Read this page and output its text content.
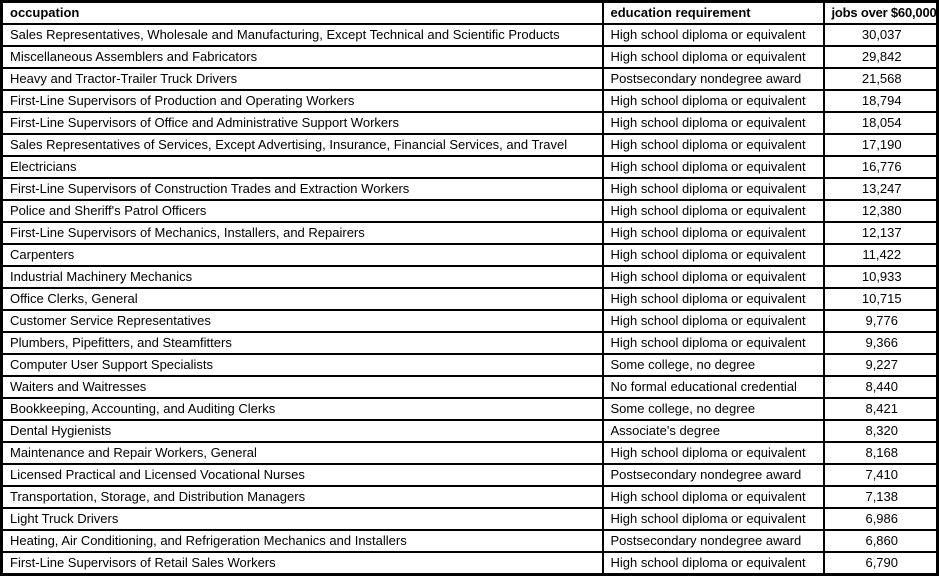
occupation	education requirement	jobs over $60,000
Sales Representatives, Wholesale and Manufacturing, Except Technical and Scientific Products	High school diploma or equivalent	30,037
Miscellaneous Assemblers and Fabricators	High school diploma or equivalent	29,842
Heavy and Tractor-Trailer Truck Drivers	Postsecondary nondegree award	21,568
First-Line Supervisors of Production and Operating Workers	High school diploma or equivalent	18,794
First-Line Supervisors of Office and Administrative Support Workers	High school diploma or equivalent	18,054
Sales Representatives of Services, Except Advertising, Insurance, Financial Services, and Travel	High school diploma or equivalent	17,190
Electricians	High school diploma or equivalent	16,776
First-Line Supervisors of Construction Trades and Extraction Workers	High school diploma or equivalent	13,247
Police and Sheriff's Patrol Officers	High school diploma or equivalent	12,380
First-Line Supervisors of Mechanics, Installers, and Repairers	High school diploma or equivalent	12,137
Carpenters	High school diploma or equivalent	11,422
Industrial Machinery Mechanics	High school diploma or equivalent	10,933
Office Clerks, General	High school diploma or equivalent	10,715
Customer Service Representatives	High school diploma or equivalent	9,776
Plumbers, Pipefitters, and Steamfitters	High school diploma or equivalent	9,366
Computer User Support Specialists	Some college, no degree	9,227
Waiters and Waitresses	No formal educational credential	8,440
Bookkeeping, Accounting, and Auditing Clerks	Some college, no degree	8,421
Dental Hygienists	Associate's degree	8,320
Maintenance and Repair Workers, General	High school diploma or equivalent	8,168
Licensed Practical and Licensed Vocational Nurses	Postsecondary nondegree award	7,410
Transportation, Storage, and Distribution Managers	High school diploma or equivalent	7,138
Light Truck Drivers	High school diploma or equivalent	6,986
Heating, Air Conditioning, and Refrigeration Mechanics and Installers	Postsecondary nondegree award	6,860
First-Line Supervisors of Retail Sales Workers	High school diploma or equivalent	6,790
